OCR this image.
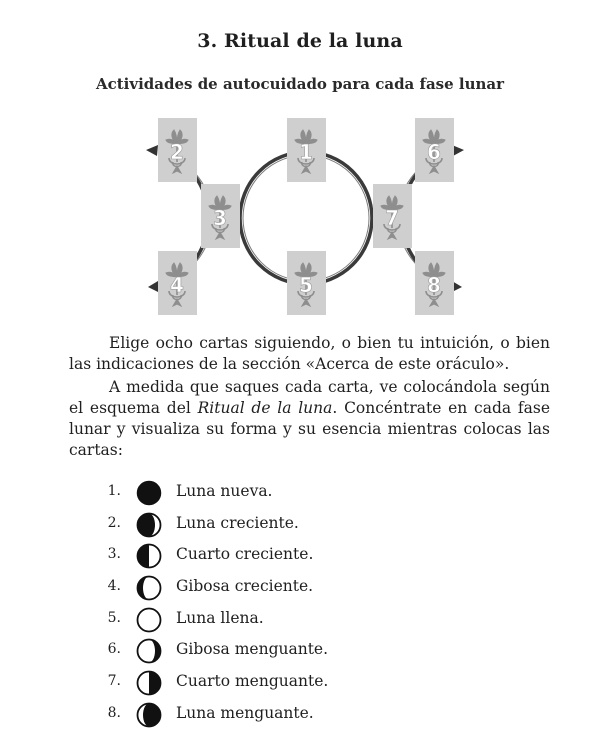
3. Ritual de la luna
Actividades de autocuidado para cada fase lunar
2	1	6
3	7
4	5	8

Elige ocho cartas siguiendo, o bien tu intuición, o bien las indicaciones de la sección «Acerca de este oráculo».

A medida que saques cada carta, ve colocándola según el esquema del Ritual de la luna. Concéntrate en cada fase lunar y visualiza su forma y su esencia mientras colocas las cartas:

1.	Luna nueva.
2.	Luna creciente.
3.	Cuarto creciente.
4.	Gibosa creciente.
5.	Luna llena.
6.	Gibosa menguante.
7.	Cuarto menguante.
8.	Luna menguante.
